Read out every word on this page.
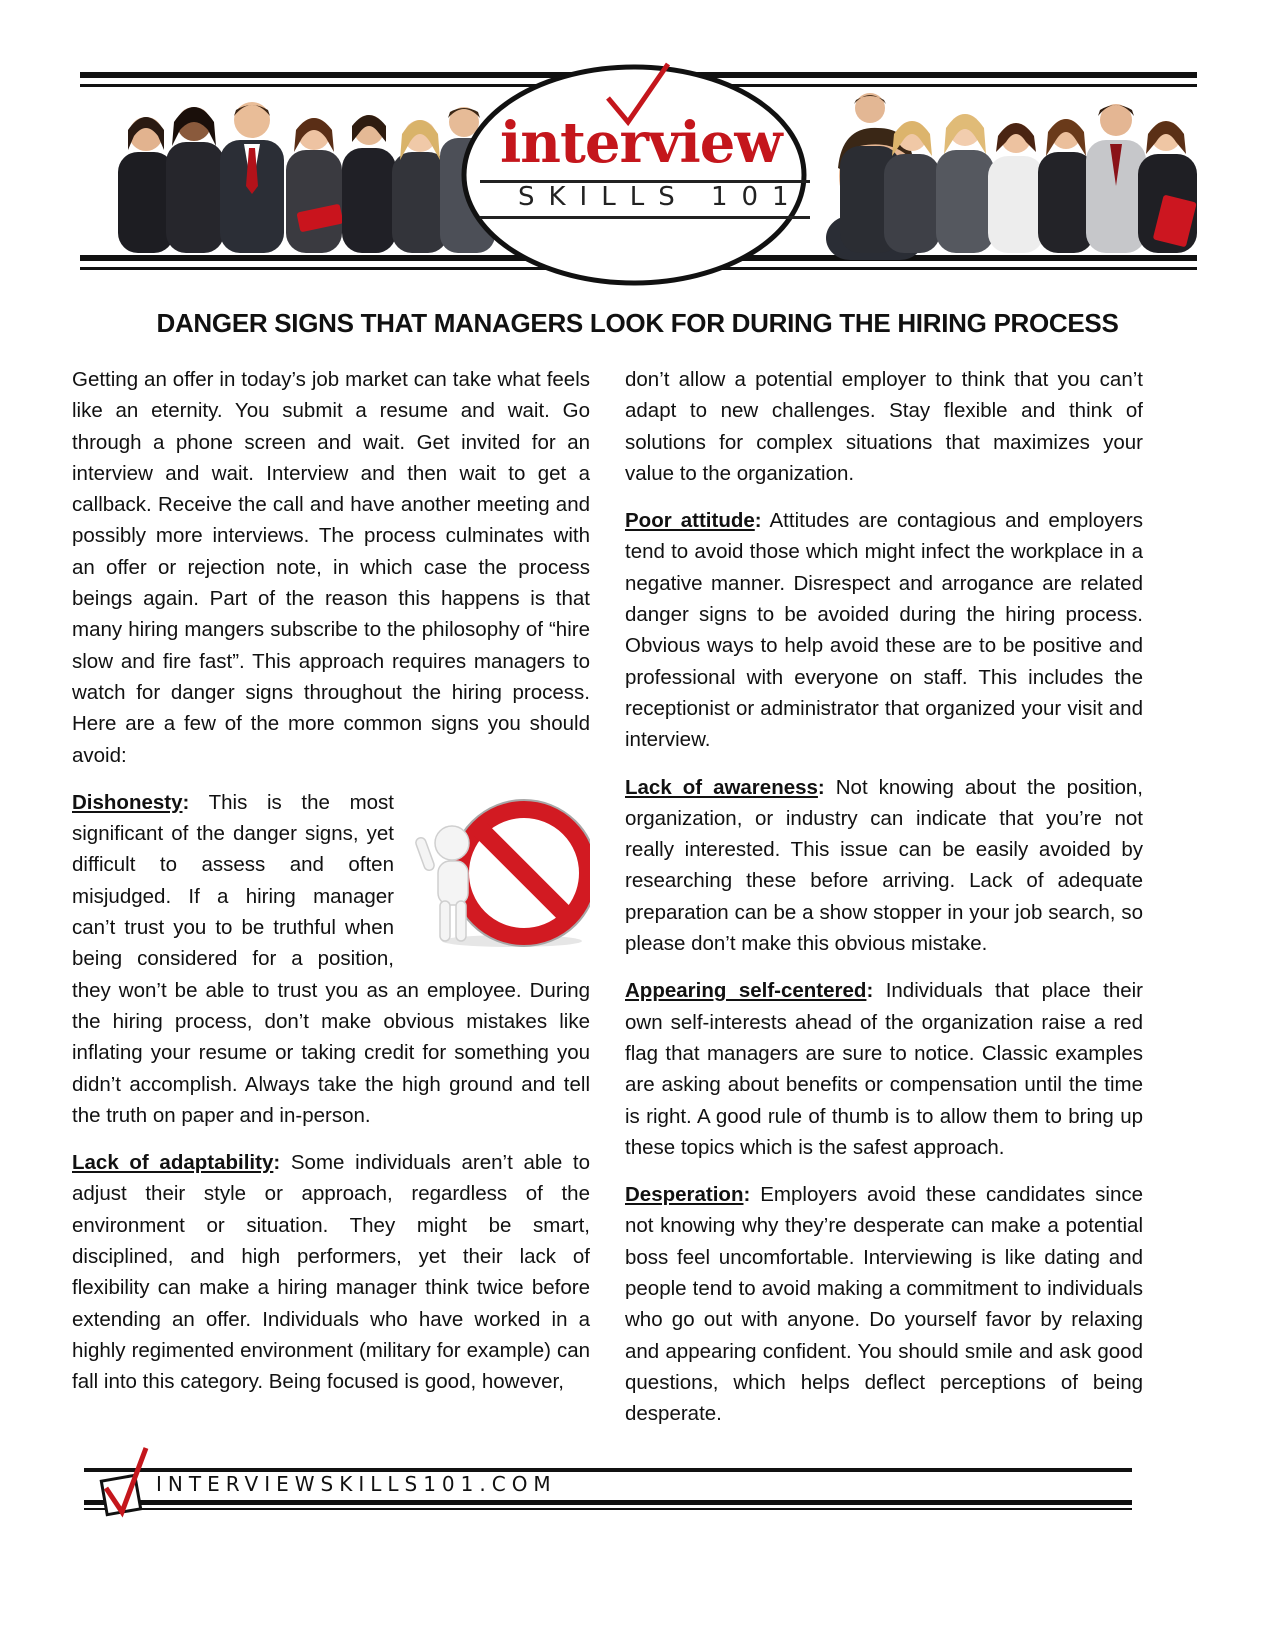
interview
SKILLS 101
DANGER SIGNS THAT MANAGERS LOOK FOR DURING THE HIRING PROCESS

Getting an offer in today’s job market can take what feels like an eternity. You submit a resume and wait. Go through a phone screen and wait. Get invited for an interview and wait. Interview and then wait to get a callback. Receive the call and have another meeting and possibly more interviews. The process culminates with an offer or rejection note, in which case the process beings again. Part of the reason this happens is that many hiring mangers subscribe to the philosophy of “hire slow and fire fast”. This approach requires managers to watch for danger signs throughout the hiring process. Here are a few of the more common signs you should avoid:

Dishonesty: This is the most significant of the danger signs, yet difficult to assess and often misjudged. If a hiring manager can’t trust you to be truthful when being considered for a position, they won’t be able to trust you as an employee. During the hiring process, don’t make obvious mistakes like inflating your resume or taking credit for something you didn’t accomplish. Always take the high ground and tell the truth on paper and in-person.

Lack of adaptability: Some individuals aren’t able to adjust their style or approach, regardless of the environment or situation. They might be smart, disciplined, and high performers, yet their lack of flexibility can make a hiring manager think twice before extending an offer. Individuals who have worked in a highly regimented environment (military for example) can fall into this category. Being focused is good, however,

don’t allow a potential employer to think that you can’t adapt to new challenges. Stay flexible and think of solutions for complex situations that maximizes your value to the organization.

Poor attitude: Attitudes are contagious and employers tend to avoid those which might infect the workplace in a negative manner. Disrespect and arrogance are related danger signs to be avoided during the hiring process. Obvious ways to help avoid these are to be positive and professional with everyone on staff. This includes the receptionist or administrator that organized your visit and interview.

Lack of awareness: Not knowing about the position, organization, or industry can indicate that you’re not really interested. This issue can be easily avoided by researching these before arriving. Lack of adequate preparation can be a show stopper in your job search, so please don’t make this obvious mistake.

Appearing self-centered: Individuals that place their own self-interests ahead of the organization raise a red flag that managers are sure to notice. Classic examples are asking about benefits or compensation until the time is right. A good rule of thumb is to allow them to bring up these topics which is the safest approach.

Desperation: Employers avoid these candidates since not knowing why they’re desperate can make a potential boss feel uncomfortable. Interviewing is like dating and people tend to avoid making a commitment to individuals who go out with anyone. Do yourself favor by relaxing and appearing confident. You should smile and ask good questions, which helps deflect perceptions of being desperate.

INTERVIEWSKILLS101.COM
